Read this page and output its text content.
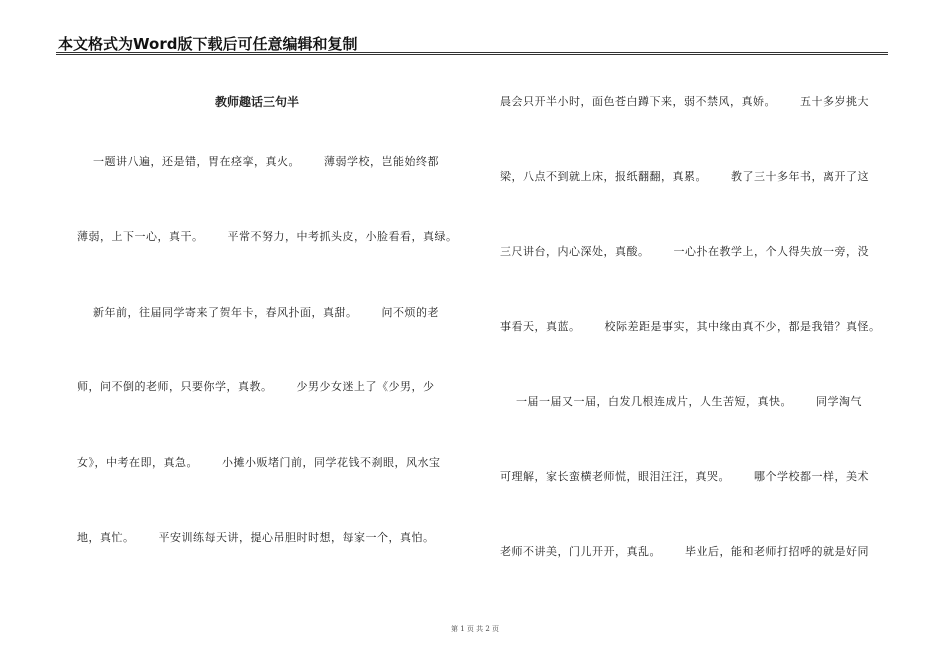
本文格式为Word版下载后可任意编辑和复制
教师趣话三句半
一题讲八遍，还是错，胃在痉挛，真火。      薄弱学校，岂能始终都
薄弱，上下一心，真干。      平常不努力，中考抓头皮，小脸看看，真绿。
新年前，往届同学寄来了贺年卡，春风扑面，真甜。      问不烦的老
师，问不倒的老师，只要你学，真教。      少男少女迷上了《少男，少
女》，中考在即，真急。      小摊小贩堵门前，同学花钱不刹眼，风水宝
地，真忙。      平安训练每天讲，提心吊胆时时想，每家一个，真怕。
晨会只开半小时，面色苍白蹲下来，弱不禁风，真娇。      五十多岁挑大
梁，八点不到就上床，报纸翻翻，真累。      教了三十多年书，离开了这
三尺讲台，内心深处，真酸。      一心扑在教学上，个人得失放一旁，没
事看天，真蓝。      校际差距是事实，其中缘由真不少，都是我错？真怪。
一届一届又一届，白发几根连成片，人生苦短，真快。      同学淘气
可理解，家长蛮横老师慌，眼泪汪汪，真哭。      哪个学校都一样，美术
老师不讲美，门儿开开，真乱。      毕业后，能和老师打招呼的就是好同
第 1 页 共 2 页
